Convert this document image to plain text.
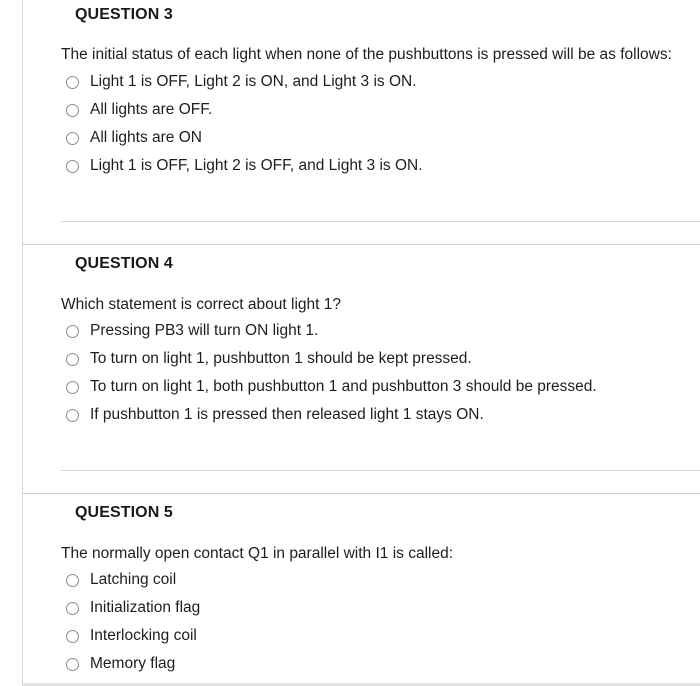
QUESTION 3
The initial status of each light when none of the pushbuttons is pressed will be as follows:
Light 1 is OFF, Light 2 is ON, and Light 3 is ON.
All lights are OFF.
All lights are ON
Light 1 is OFF, Light 2 is OFF, and Light 3 is ON.
QUESTION 4
Which statement is correct about light 1?
Pressing PB3 will turn ON light 1.
To turn on light 1, pushbutton 1 should be kept pressed.
To turn on light 1, both pushbutton 1 and pushbutton 3 should be pressed.
If pushbutton 1 is pressed then released light 1 stays ON.
QUESTION 5
The normally open contact Q1 in parallel with I1 is called:
Latching coil
Initialization flag
Interlocking coil
Memory flag
